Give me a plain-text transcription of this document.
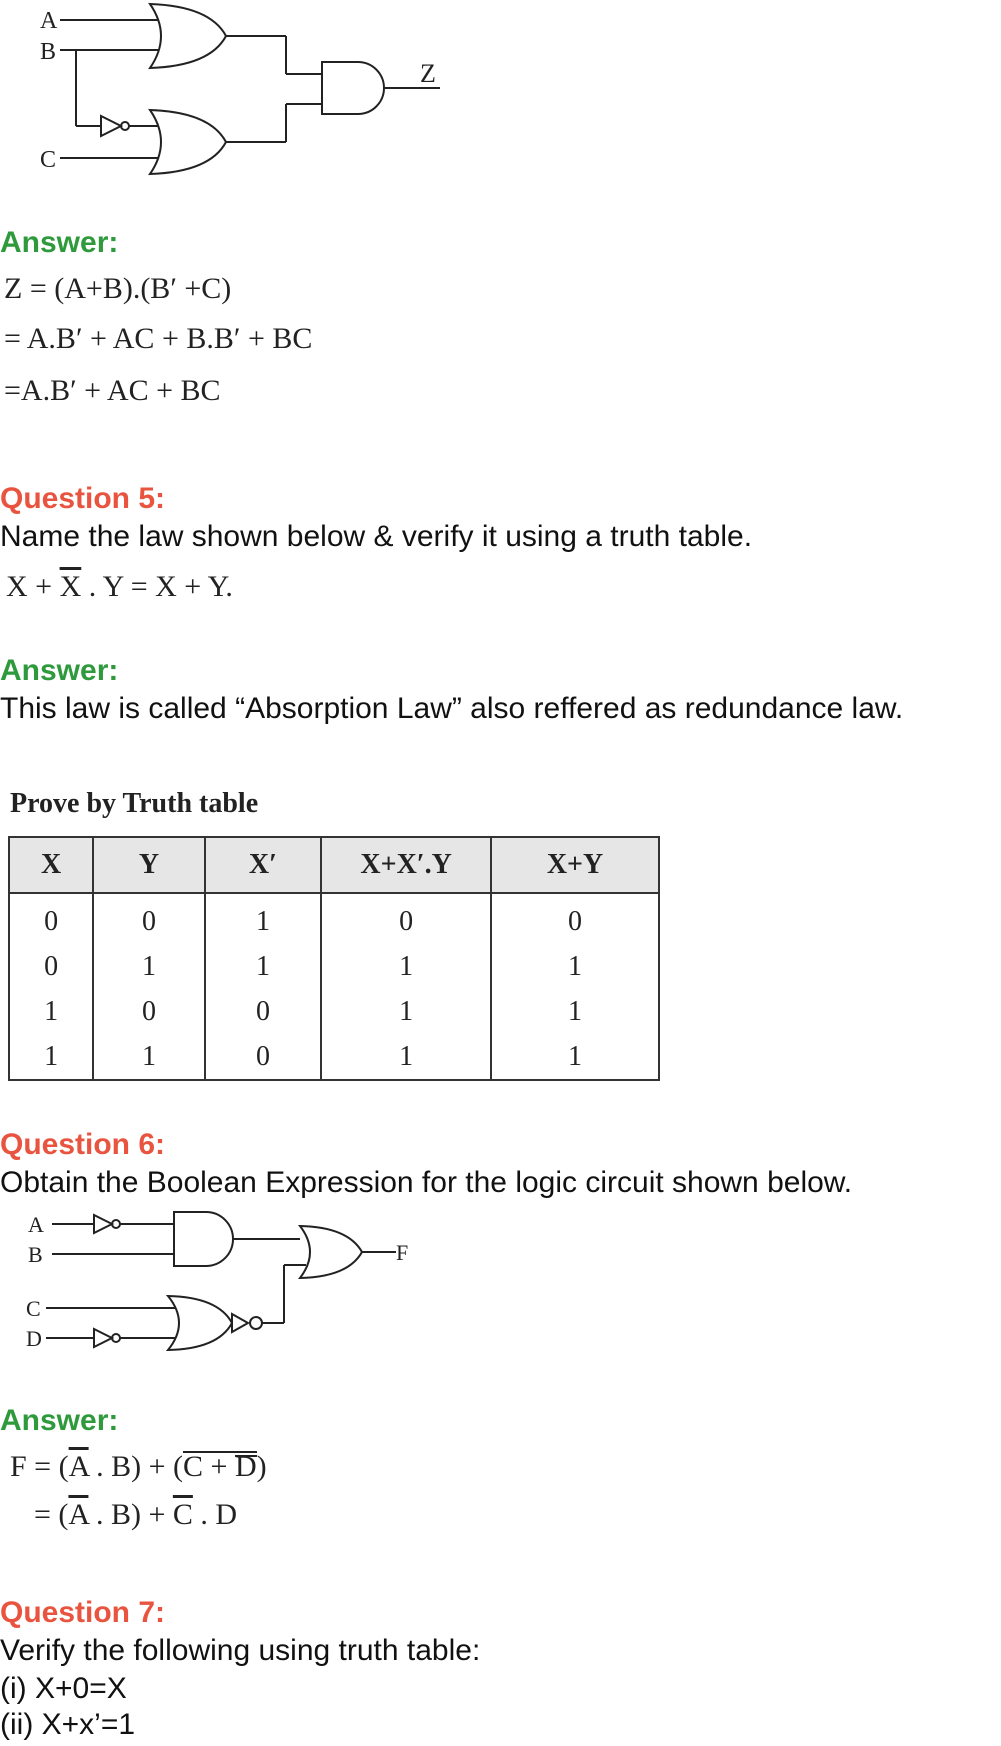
A
B
C
Z
Answer:
Z = (A+B).(B′ +C)
= A.B′ + AC + B.B′ + BC
=A.B′ + AC + BC
Question 5:
Name the law shown below & verify it using a truth table.
$X + \overline{X}$ . Y = X + Y.
Answer:
This law is called “Absorption Law” also reffered as redundance law.
Prove by Truth table
X	Y	X′	X+X′.Y	X+Y
0	0	1	0	0
0	1	1	1	1
1	0	0	1	1
1	1	0	1	1
Question 6:
Obtain the Boolean Expression for the logic circuit shown below.
A
B
C
D
F
Answer:
$F = (\overline{A}$ . B) + (C + D)
= ($\overline{A}$ . $B) + \overline{C}$ . D
Question 7:
Verify the following using truth table:
(i) X+0=X
(ii) X+x’=1
